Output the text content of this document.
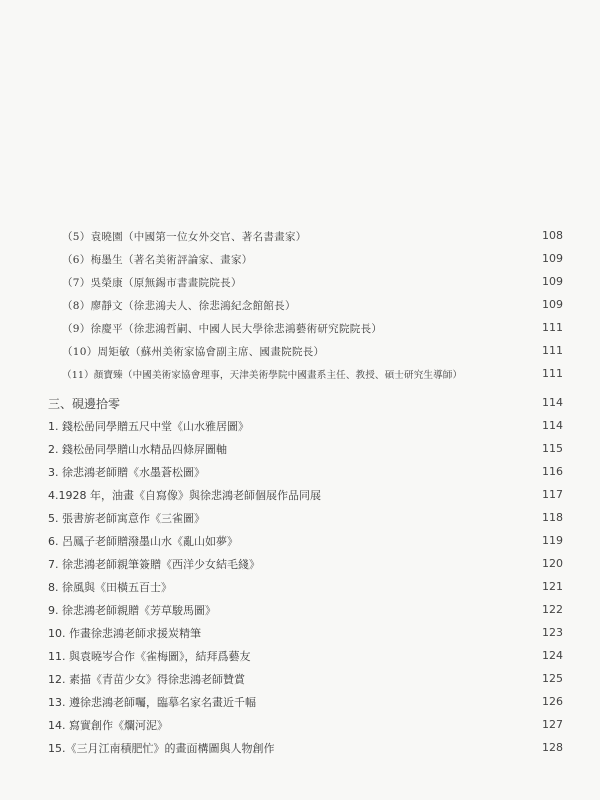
（5）袁曉園（中國第一位女外交官、著名書畫家）	108
（6）梅墨生（著名美術評論家、畫家）	109
（7）吳榮康（原無錫市書畫院院長）	109
（8）廖靜文（徐悲鴻夫人、徐悲鴻紀念館館長）	109
（9）徐慶平（徐悲鴻哲嗣、中國人民大學徐悲鴻藝術研究院院長）	111
（10）周矩敏（蘇州美術家協會副主席、國畫院院長）	111
（11）顏寶臻（中國美術家協會理事，天津美術學院中國畫系主任、教授、碩士研究生導師）	111
三、硯邊拾零	114
1. 錢松喦同學贈五尺中堂《山水雅居圖》	114
2. 錢松喦同學贈山水精品四條屏圖軸	115
3. 徐悲鴻老師贈《水墨蒼松圖》	116
4.1928 年，油畫《自寫像》與徐悲鴻老師個展作品同展	117
5. 張書旂老師寓意作《三雀圖》	118
6. 呂鳳子老師贈潑墨山水《亂山如夢》	119
7. 徐悲鴻老師親筆簽贈《西洋少女結毛綫》	120
8. 徐風與《田橫五百士》	121
9. 徐悲鴻老師親贈《芳草駿馬圖》	122
10. 作畫徐悲鴻老師求援炭精筆	123
11. 與袁曉岑合作《雀梅圖》，結拜爲藝友	124
12. 素描《青苗少女》得徐悲鴻老師贊賞	125
13. 遵徐悲鴻老師囑，臨摹名家名畫近千幅	126
14. 寫實創作《爛河泥》	127
15.《三月江南積肥忙》的畫面構圖與人物創作	128
